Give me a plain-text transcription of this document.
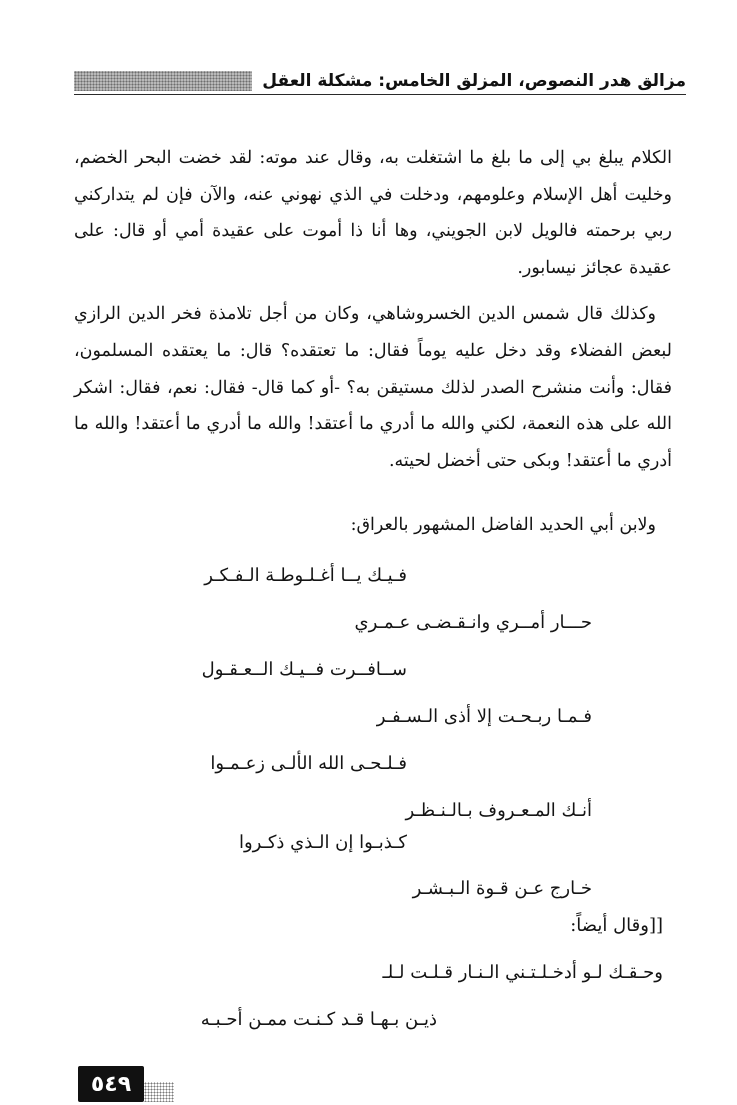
مزالق هدر النصوص، المزلق الخامس: مشكلة العقل

الكلام يبلغ بي إلى ما بلغ ما اشتغلت به، وقال عند موته: لقد خضت البحر الخضم، وخليت أهل الإسلام وعلومهم، ودخلت في الذي نهوني عنه، والآن فإن لم يتداركني ربي برحمته فالويل لابن الجويني، وها أنا ذا أموت على عقيدة أمي أو قال: على عقيدة عجائز نيسابور.

وكذلك قال شمس الدين الخسروشاهي، وكان من أجل تلامذة فخر الدين الرازي لبعض الفضلاء وقد دخل عليه يوماً فقال: ما تعتقده؟ قال: ما يعتقده المسلمون، فقال: وأنت منشرح الصدر لذلك مستيقن به؟ -أو كما قال- فقال: نعم، فقال: اشكر الله على هذه النعمة، لكني والله ما أدري ما أعتقد! والله ما أدري ما أعتقد! والله ما أدري ما أعتقد! وبكى حتى أخضل لحيته.

ولابن أبي الحديد الفاضل المشهور بالعراق:

فـيـك يــا أغـلـوطـة الـفـكـر
حـــار أمــري وانـقـضـى عـمـري
ســافــرت فــيـك الــعـقـول
فـمـا ربـحـت إلا أذى الـسـفـر
فـلـحـى الله الألـى زعـمـوا
أنـك المـعـروف بـالـنـظـر
كـذبـوا إن الـذي ذكـروا
خـارج عـن قـوة الـبـشـر
[[وقال أيضاً:
وحـقـك لـو أدخـلـتـني الـنـار قـلـت لـلـ
ذيـن بـهـا قـد كـنـت ممـن أحـبـه
٥٤٩
